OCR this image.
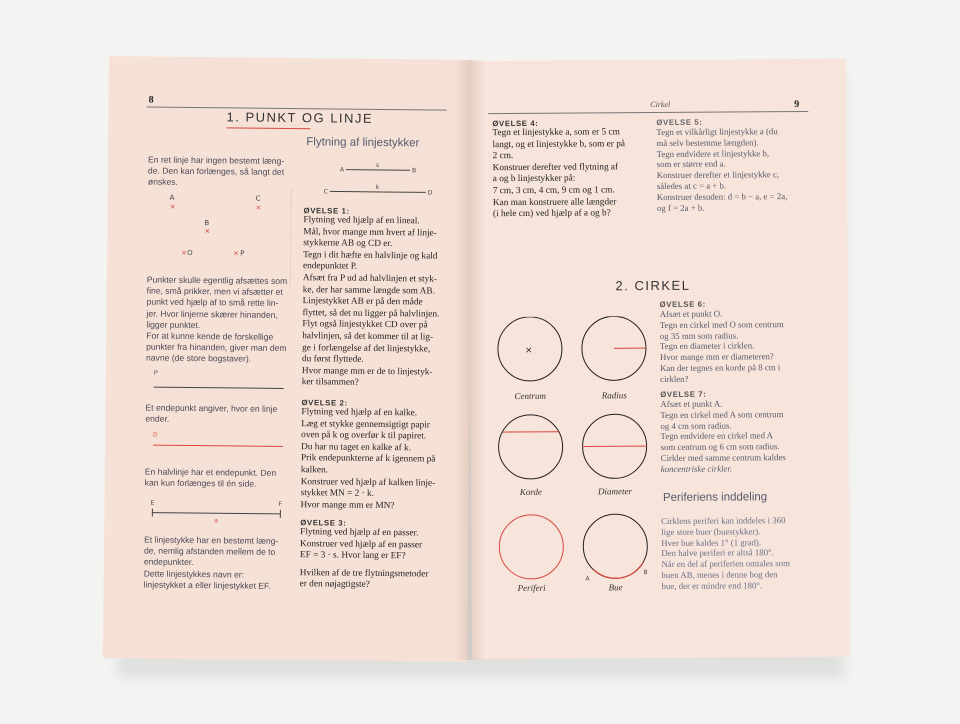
8
1. PUNKT OG LINJE

En ret linje har ingen bestemt læng-

de. Den kan forlænges, så langt det

ønskes.

A
×
C
×
B
×
× O	× P

Punkter skulle egentlig afsættes som

fine, små prikker, men vi afsætter et

punkt ved hjælp af to små rette lin-

jer. Hvor linjerne skærer hinanden,

ligger punktet.

For at kunne kende de forskellige

punkter fra hinanden, giver man dem

navne (de store bogstaver).

P

Et endepunkt angiver, hvor en linje

ender.

D

En halvlinje har et endepunkt. Den

kan kun forlænges til én side.

E	F
a

Et linjestykke har en bestemt læng-

de, nemlig afstanden mellem de to

endepunkter.

Dette linjestykkes navn er:

linjestykket a eller linjestykket EF.

Flytning af linjestykker
A
s
B
C
k
D
ØVELSE 1:

Flytning ved hjælp af en lineal.

Mål, hvor mange mm hvert af linje-

stykkerne AB og CD er.

Tegn i dit hæfte en halvlinje og kald

endepunktet P.

Afsæt fra P ud ad halvlinjen et styk-

ke, der har samme længde som AB.

Linjestykket AB er på den måde

flyttet, så det nu ligger på halvlinjen.

Flyt også linjestykket CD over på

halvlinjen, så det kommer til at lig-

ge i forlængelse af det linjestykke,

du først flyttede.

Hvor mange mm er de to linjestyk-

ker tilsammen?

ØVELSE 2:

Flytning ved hjælp af en kalke.

Læg et stykke gennemsigtigt papir

oven på k og overfør k til papiret.

Du har nu taget en kalke af k.

Prik endepunkterne af k igennem på

kalken.

Konstruer ved hjælp af kalken linje-

stykket MN = 2 · k.

Hvor mange mm er MN?

ØVELSE 3:

Flytning ved hjælp af en passer.

Konstruer ved hjælp af en passer

EF = 3 · s. Hvor lang er EF?

Hvilken af de tre flytningsmetoder

er den nøjagtigste?

Cirkel	9
ØVELSE 4:

Tegn et linjestykke a, som er 5 cm

langt, og et linjestykke b, som er på

2 cm.

Konstruer derefter ved flytning af

a og b linjestykker på:

7 cm, 3 cm, 4 cm, 9 cm og 1 cm.

Kan man konstruere alle længder

(i hele cm) ved hjælp af a og b?

ØVELSE 5:

Tegn et vilkårligt linjestykke a (du

må selv bestemme længden).

Tegn endvidere et linjestykke b,

som er større end a.

Konstruer derefter et linjestykke c,

således at c = a + b.

Konstruer desuden: d = b − a, e = 2a,

og f = 2a + b.

2. CIRKEL
⨯
A
B
Centrum	Radius
Korde	Diameter
Periferi	Bue
ØVELSE 6:

Afsæt et punkt O.

Tegn en cirkel med O som centrum

og 35 mm som radius.

Tegn en diameter i cirklen.

Hvor mange mm er diameteren?

Kan der tegnes en korde på 8 cm i

cirklen?

ØVELSE 7:

Afsæt et punkt A.

Tegn en cirkel med A som centrum

og 4 cm som radius.

Tegn endvidere en cirkel med A

som centrum og 6 cm som radius.

Cirkler med samme centrum kaldes

koncentriske cirkler.

Periferiens inddeling

Cirklens periferi kan inddeles i 360

lige store buer (buestykker).

Hver bue kaldes 1° (1 grad).

Den halve periferi er altså 180°.

Når en del af periferien omtales som

buen AB, menes i denne bog den

bue, der er mindre end 180°.
